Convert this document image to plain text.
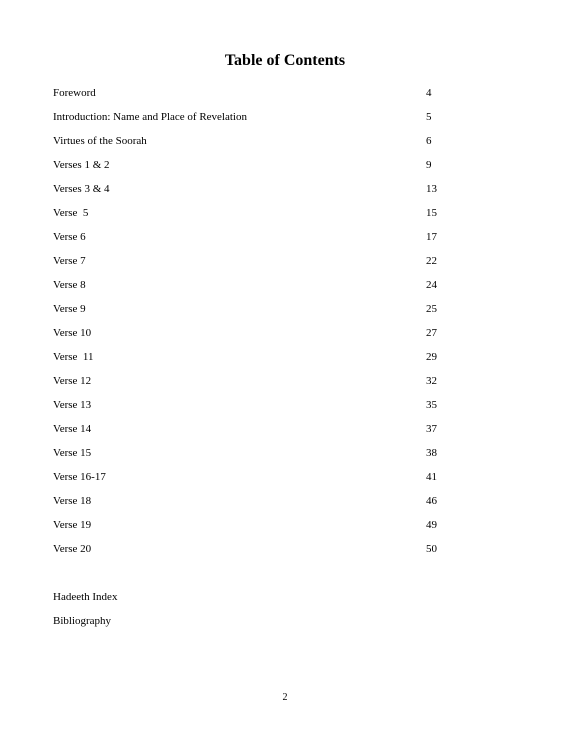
Table of Contents
Foreword	4
Introduction: Name and Place of Revelation	5
Virtues of the Soorah	6
Verses 1 & 2	9
Verses 3 & 4	13
Verse  5	15
Verse 6	17
Verse 7	22
Verse 8	24
Verse 9	25
Verse 10	27
Verse  11	29
Verse 12	32
Verse 13	35
Verse 14	37
Verse 15	38
Verse 16-17	41
Verse 18	46
Verse 19	49
Verse 20	50
Hadeeth Index
Bibliography
2
